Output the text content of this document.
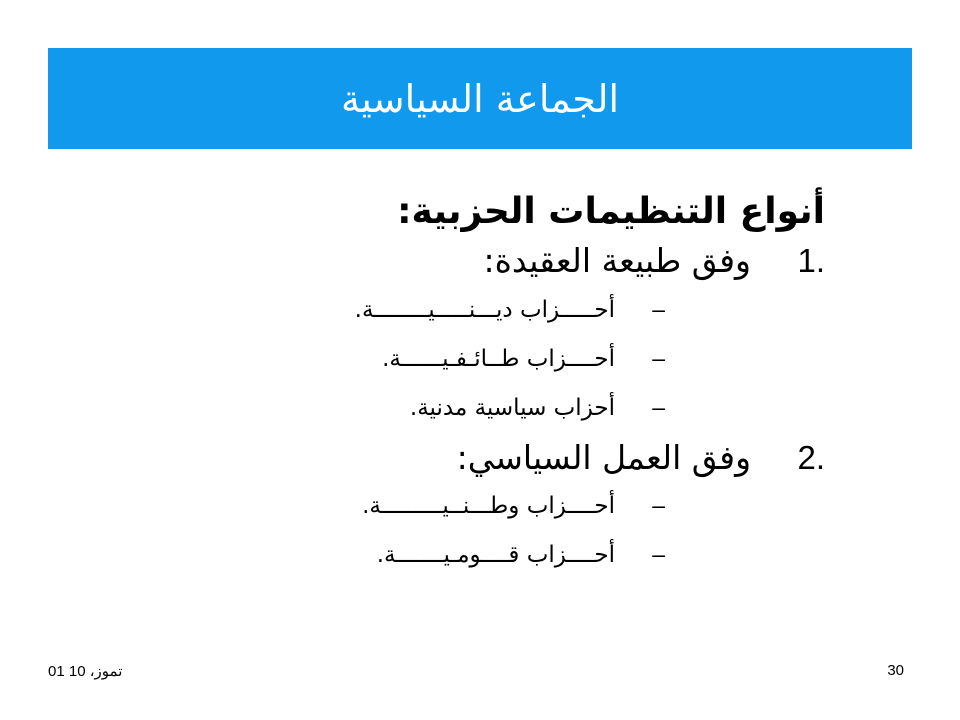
الجماعة السياسية
أنواع التنظيمات الحزبية:
1.
وفق طبيعة العقيدة:
–
أحـــــزاب ديـــنـــــيــــــــة.
–
أحــــزاب طــائـفـيــــــة.
–
أحزاب سياسية مدنية.
2.
وفق العمل السياسي:
–
أحــــزاب وطـــنــيـــــــــة.
–
أحــــزاب قــــومـيـــــــة.
01 تموز، 10	30
